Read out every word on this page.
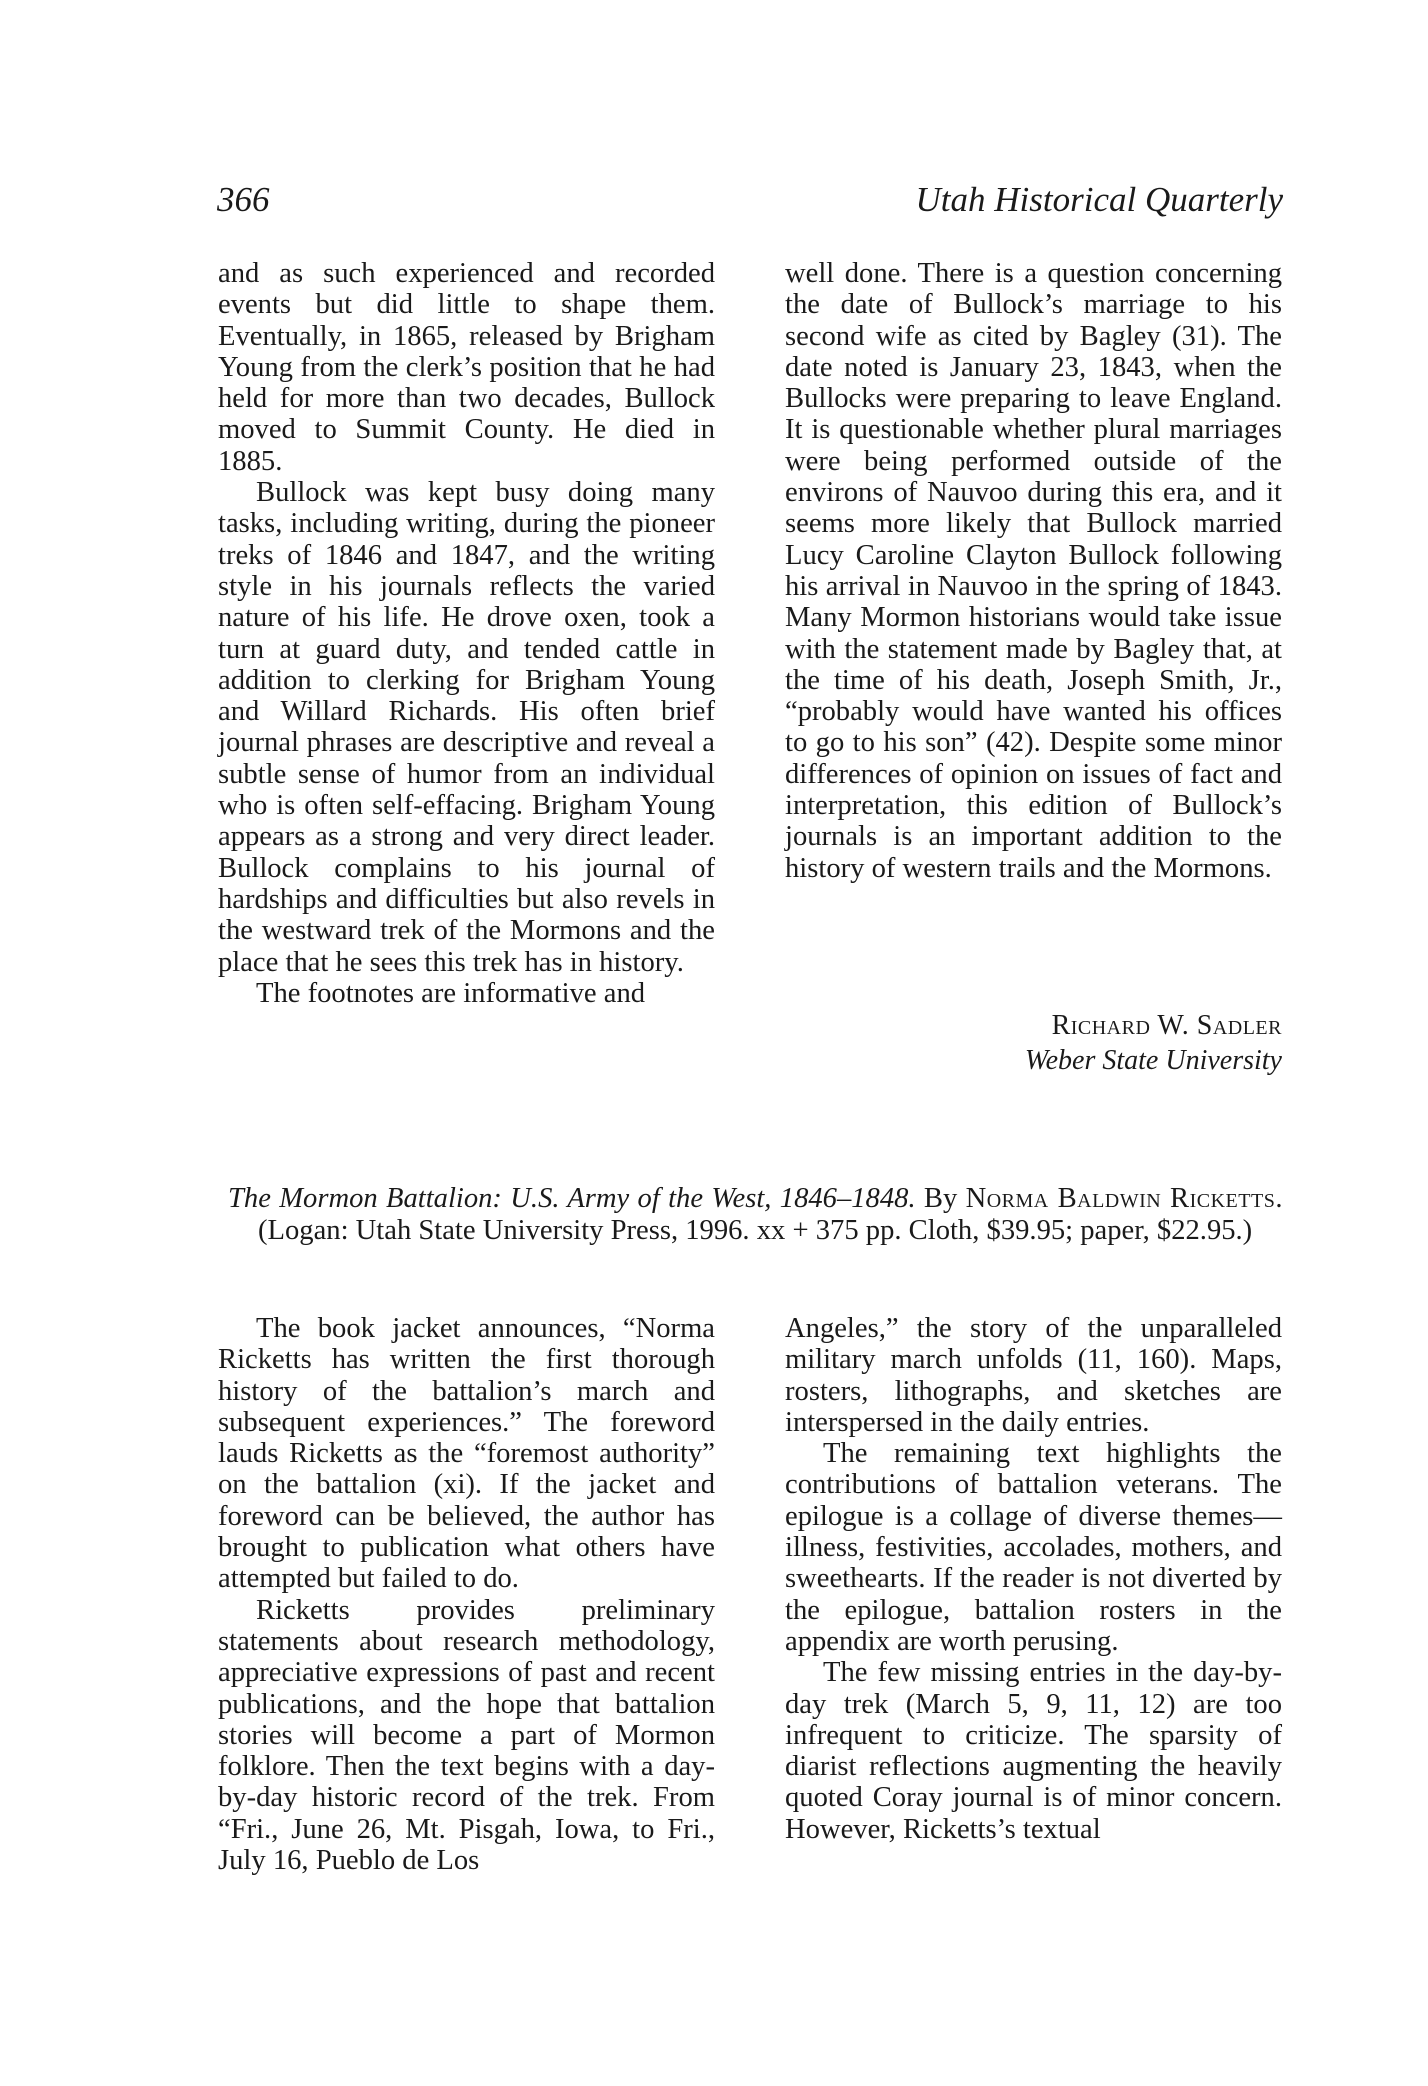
366	Utah Historical Quarterly

and as such experienced and recorded events but did little to shape them. Eventually, in 1865, released by Brigham Young from the clerk’s position that he had held for more than two decades, Bullock moved to Summit County. He died in 1885.

Bullock was kept busy doing many tasks, including writing, during the pioneer treks of 1846 and 1847, and the writing style in his journals reflects the varied nature of his life. He drove oxen, took a turn at guard duty, and tended cattle in addition to clerking for Brigham Young and Willard Richards. His often brief journal phrases are descriptive and reveal a subtle sense of humor from an individual who is often self-effacing. Brigham Young appears as a strong and very direct leader. Bullock complains to his journal of hardships and difficulties but also revels in the westward trek of the Mormons and the place that he sees this trek has in history.

The footnotes are informative and

well done. There is a question concerning the date of Bullock’s marriage to his second wife as cited by Bagley (31). The date noted is January 23, 1843, when the Bullocks were preparing to leave England. It is questionable whether plural marriages were being performed outside of the environs of Nauvoo during this era, and it seems more likely that Bullock married Lucy Caroline Clayton Bullock following his arrival in Nauvoo in the spring of 1843. Many Mormon historians would take issue with the statement made by Bagley that, at the time of his death, Joseph Smith, Jr., “probably would have wanted his offices to go to his son” (42). Despite some minor differences of opinion on issues of fact and interpretation, this edition of Bullock’s journals is an important addition to the history of western trails and the Mormons.

Richard W. Sadler
Weber State University
The Mormon Battalion: U.S. Army of the West, 1846–1848. By Norma Baldwin Ricketts.
(Logan: Utah State University Press, 1996. xx + 375 pp. Cloth, $39.95; paper, $22.95.)

The book jacket announces, “Norma Ricketts has written the first thorough history of the battalion’s march and subsequent experiences.” The foreword lauds Ricketts as the “foremost authority” on the battalion (xi). If the jacket and foreword can be believed, the author has brought to publication what others have attempted but failed to do.

Ricketts provides preliminary statements about research methodology, appreciative expressions of past and recent publications, and the hope that battalion stories will become a part of Mormon folklore. Then the text begins with a day-by-day historic record of the trek. From “Fri., June 26, Mt. Pisgah, Iowa, to Fri., July 16, Pueblo de Los

Angeles,” the story of the unparalleled military march unfolds (11, 160). Maps, rosters, lithographs, and sketches are interspersed in the daily entries.

The remaining text highlights the contributions of battalion veterans. The epilogue is a collage of diverse themes—illness, festivities, accolades, mothers, and sweethearts. If the reader is not diverted by the epilogue, battalion rosters in the appendix are worth perusing.

The few missing entries in the day-by-day trek (March 5, 9, 11, 12) are too infrequent to criticize. The sparsity of diarist reflections augmenting the heavily quoted Coray journal is of minor concern. However, Ricketts’s textual
